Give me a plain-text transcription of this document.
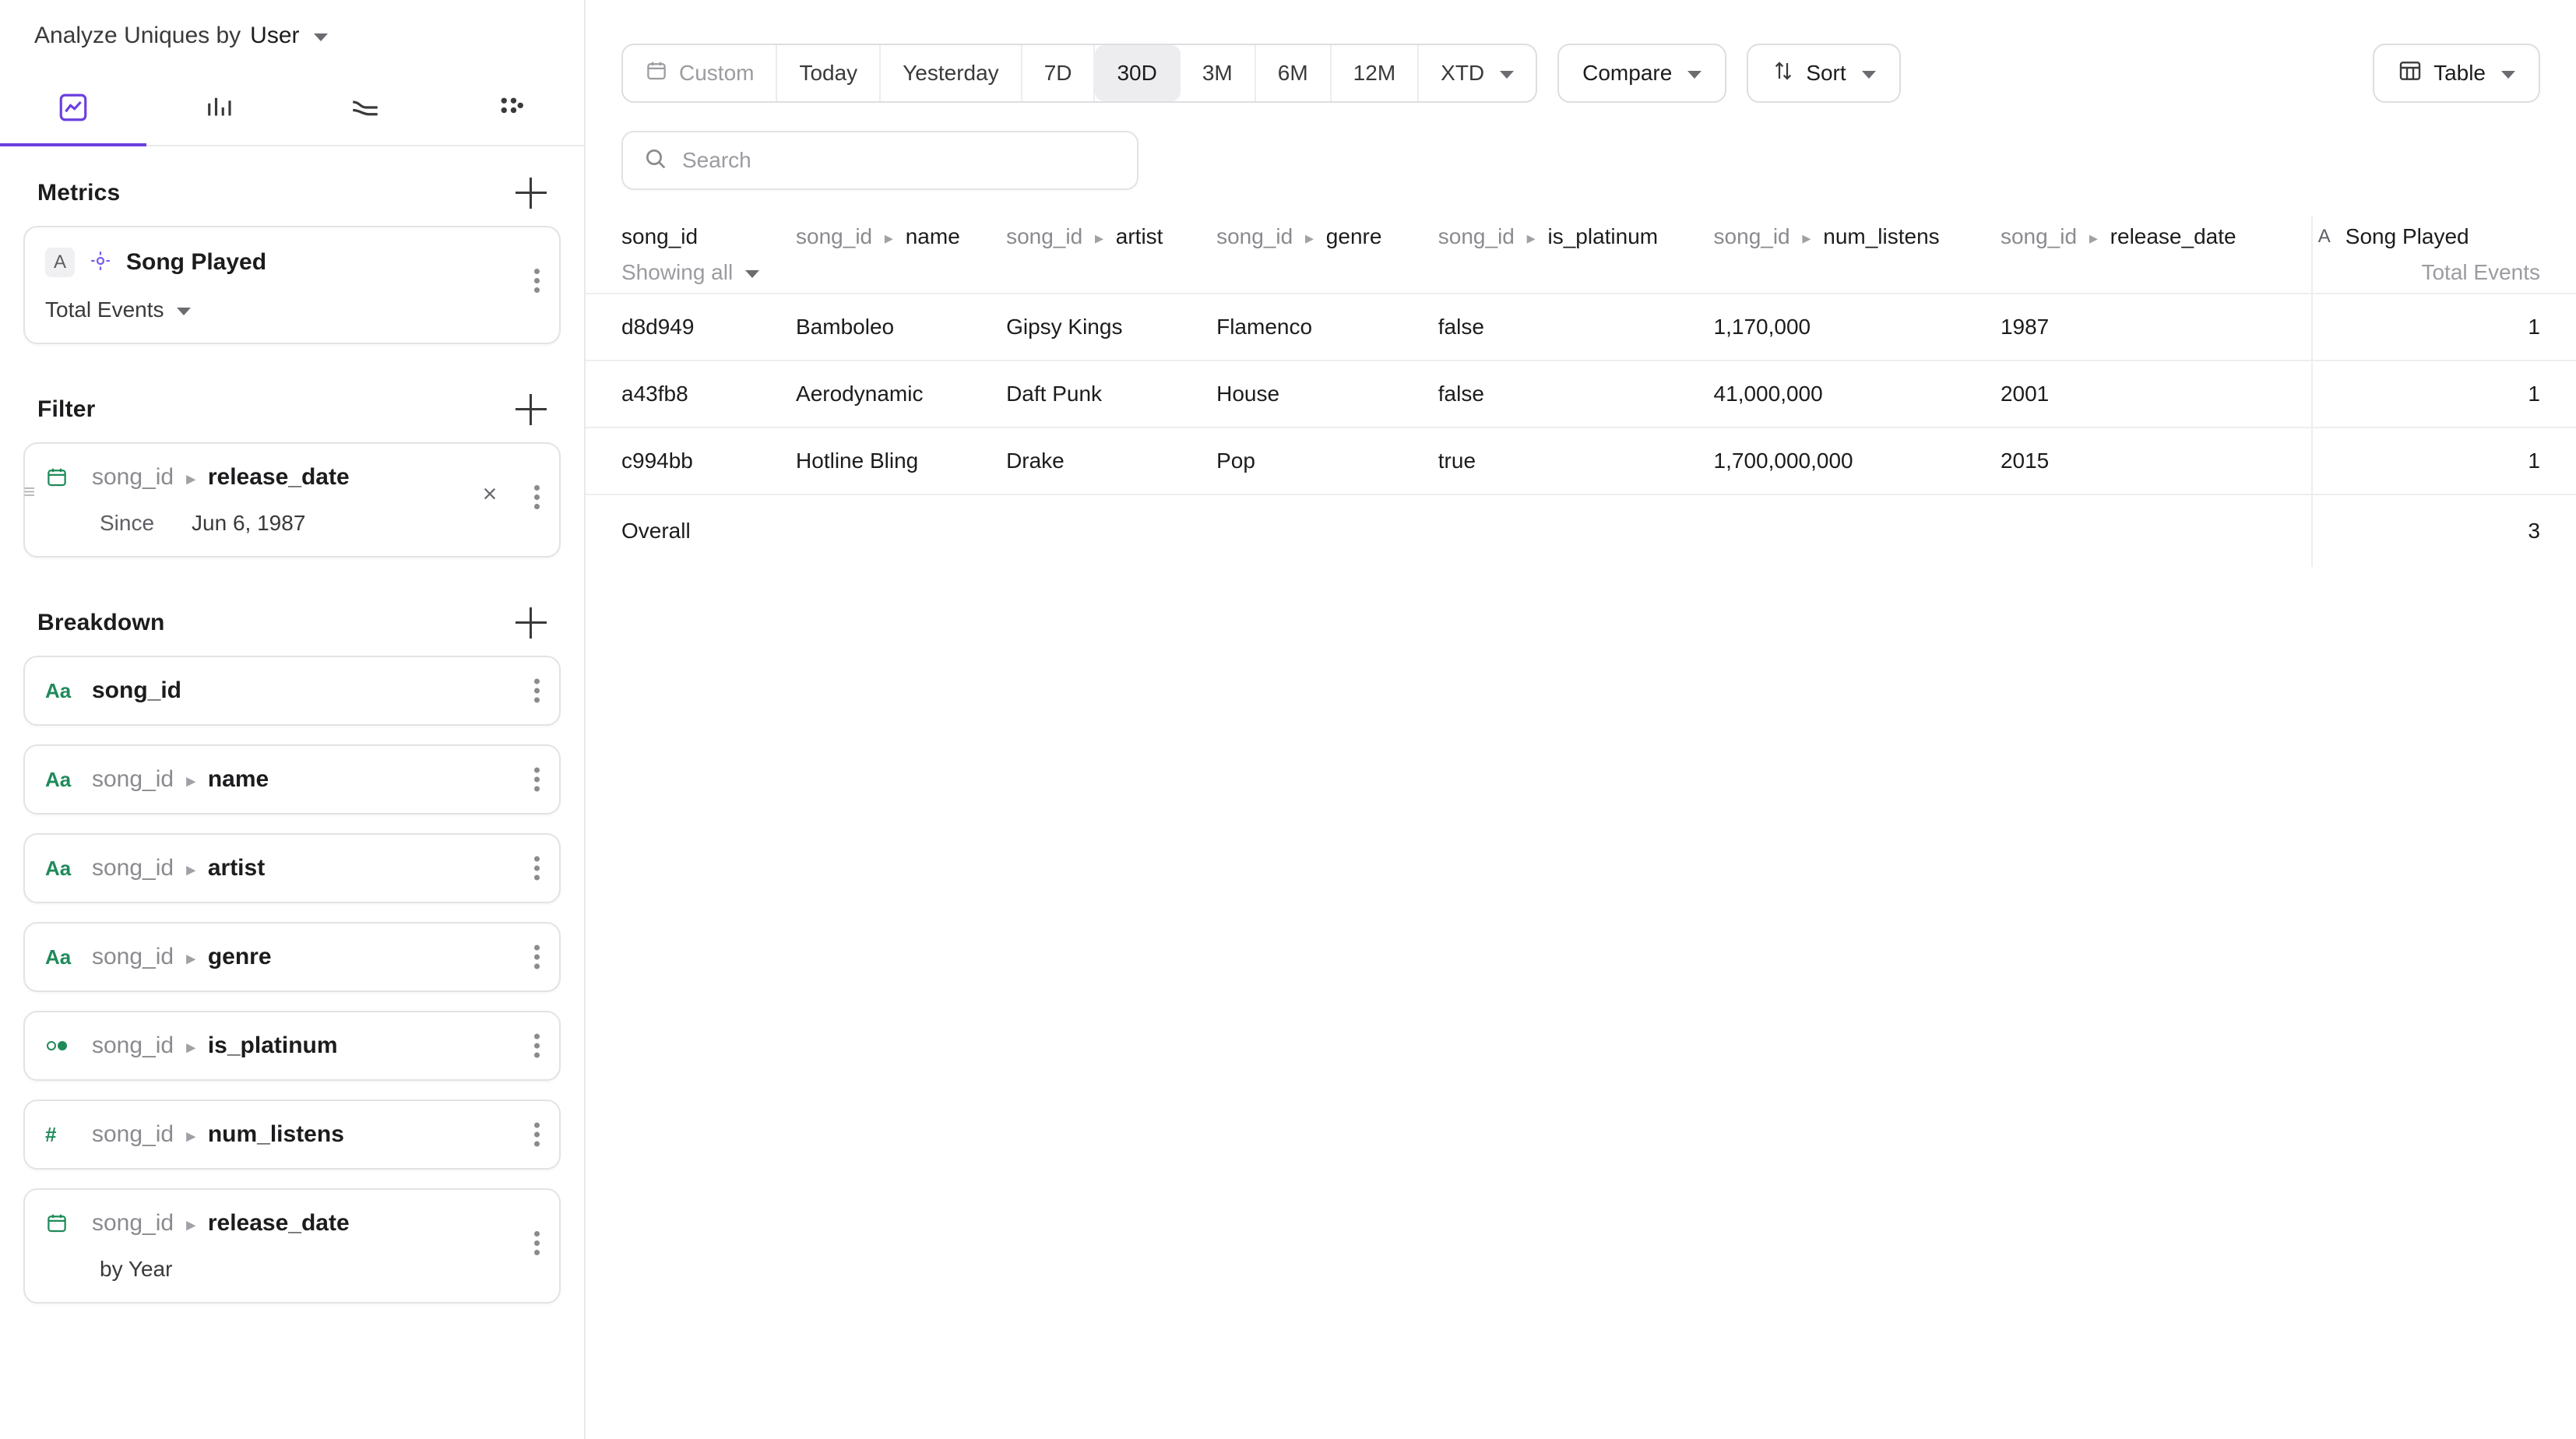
Analyze Uniques by User
Metrics
A	Song Played
Total Events
Filter
≡
song_id ▸ release_date
Since Jun 6, 1987
×
Breakdown
Aa song_id
Aa song_id ▸ name
Aa song_id ▸ artist
Aa song_id ▸ genre
song_id ▸ is_platinum
#	song_id ▸ num_listens
song_id ▸ release_date
by Year
Custom Today Yesterday 7D 30D 3M 6M 12M XTD	Compare	Sort	Table
Search
song_id
Showing all

song_id ▸ name	song_id ▸ artist	song_id ▸ genre	song_id ▸ is_platinum	song_id ▸ num_listens	song_id ▸ release_date	A Song Played
Total Events

d8d949	Bamboleo	Gipsy Kings	Flamenco	false	1,170,000	1987	1
a43fb8	Aerodynamic	Daft Punk	House	false	41,000,000	2001	1
c994bb	Hotline Bling	Drake	Pop	true	1,700,000,000	2015	1
Overall							3
